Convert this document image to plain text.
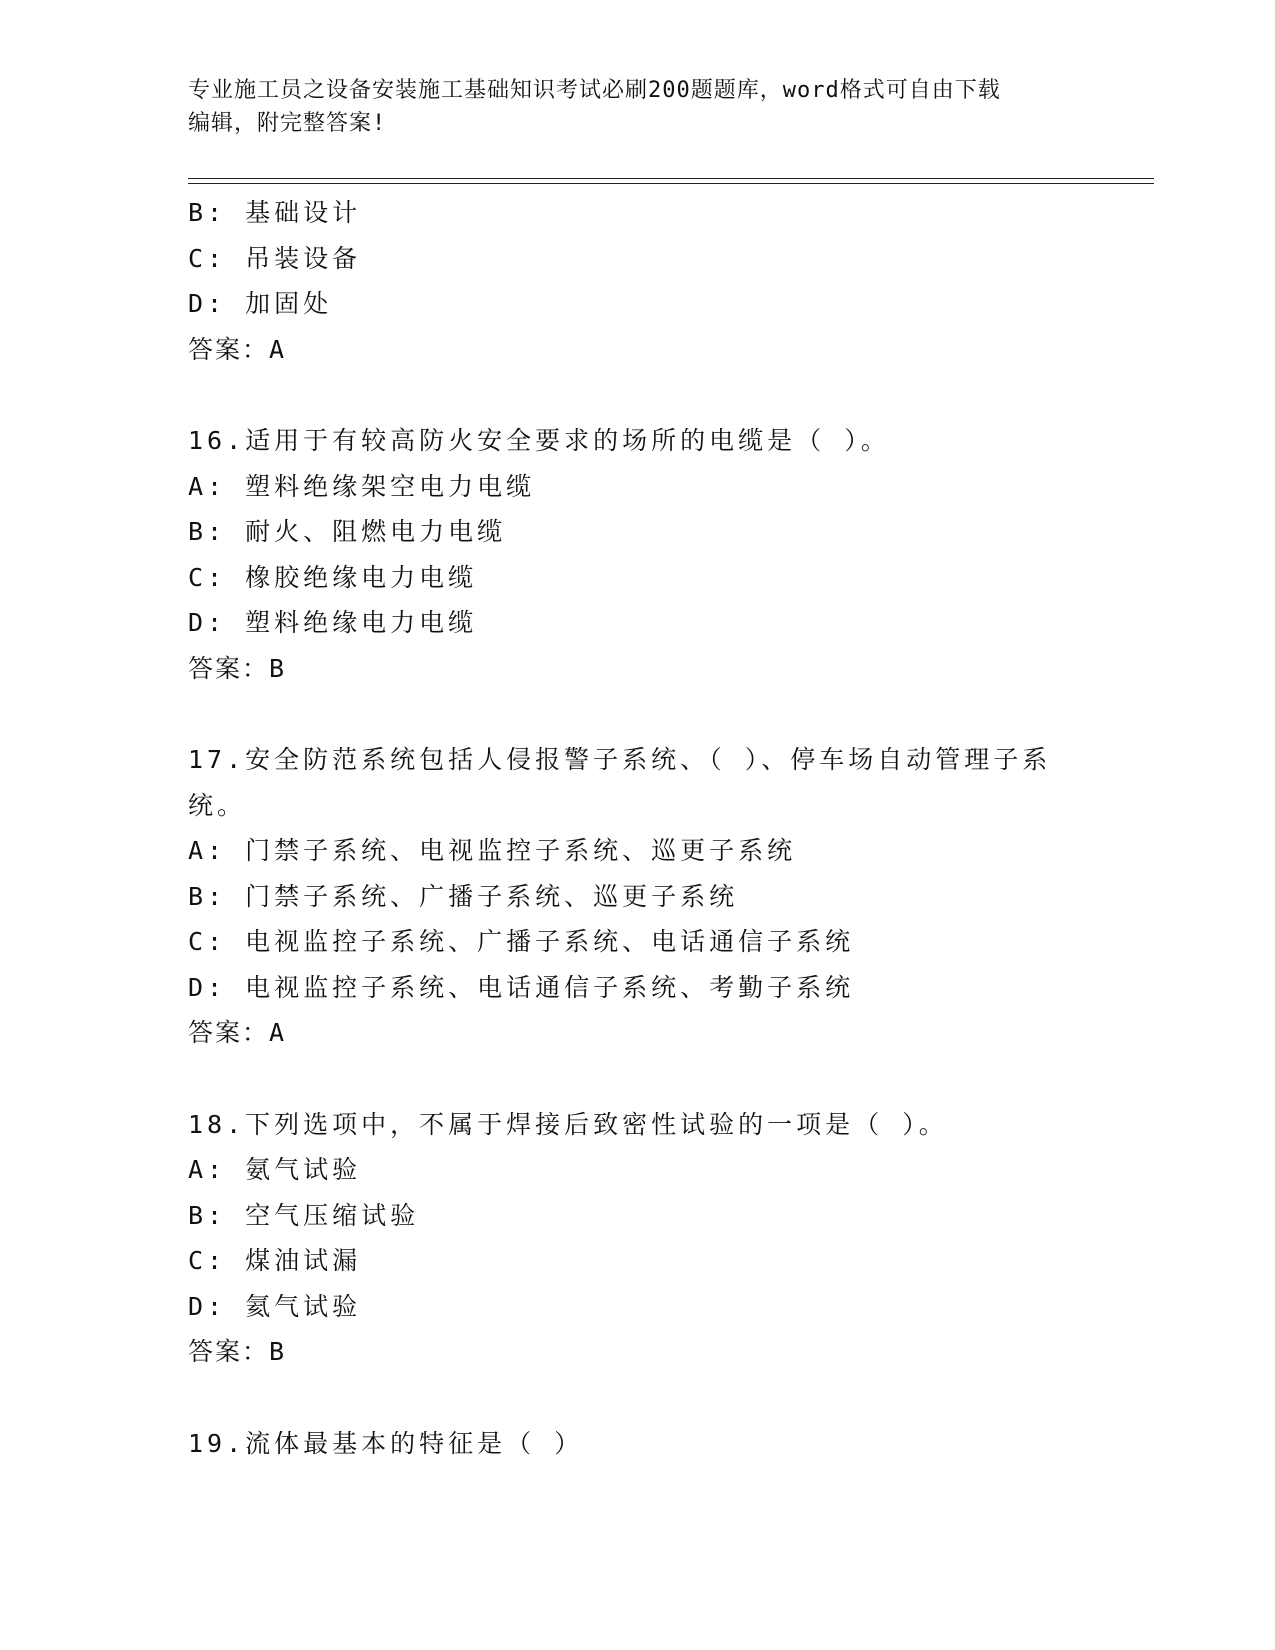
专业施工员之设备安装施工基础知识考试必刷200题题库，word格式可自由下载
编辑，附完整答案!
B: 基础设计
C: 吊装设备
D: 加固处
答案：A
16.适用于有较高防火安全要求的场所的电缆是（ ）。
A: 塑料绝缘架空电力电缆
B: 耐火、阻燃电力电缆
C: 橡胶绝缘电力电缆
D: 塑料绝缘电力电缆
答案：B
17.安全防范系统包括人侵报警子系统、（ ）、停车场自动管理子系
统。
A: 门禁子系统、电视监控子系统、巡更子系统
B: 门禁子系统、广播子系统、巡更子系统
C: 电视监控子系统、广播子系统、电话通信子系统
D: 电视监控子系统、电话通信子系统、考勤子系统
答案：A
18.下列选项中，不属于焊接后致密性试验的一项是（ ）。
A: 氨气试验
B: 空气压缩试验
C: 煤油试漏
D: 氦气试验
答案：B
19.流体最基本的特征是（ ）
